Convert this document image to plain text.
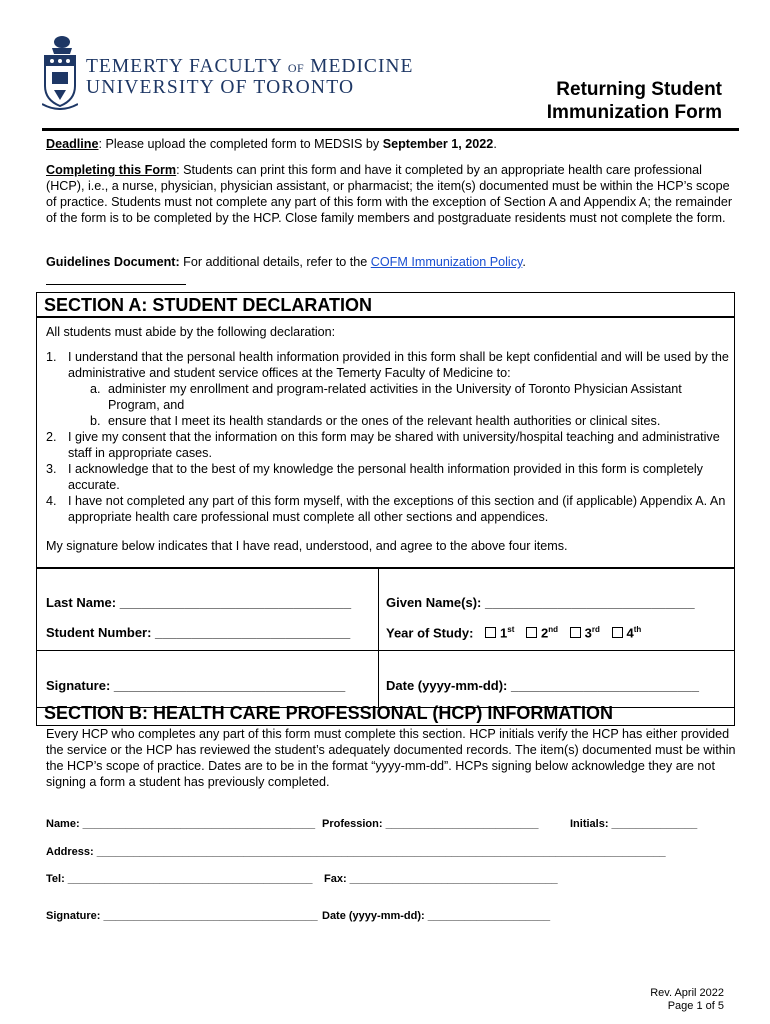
TEMERTY FACULTY OF MEDICINE
UNIVERSITY OF TORONTO	Returning Student
Immunization Form
Deadline: Please upload the completed form to MEDSIS by September 1, 2022.
Completing this Form: Students can print this form and have it completed by an appropriate health care professional (HCP), i.e., a nurse, physician, physician assistant, or pharmacist; the item(s) documented must be within the HCP’s scope of practice. Students must not complete any part of this form with the exception of Section A and Appendix A; the remainder of the form is to be completed by the HCP. Close family members and postgraduate residents must not complete the form.
Guidelines Document: For additional details, refer to the COFM Immunization Policy.
SECTION A: STUDENT DECLARATION
All students must abide by the following declaration:
1. I understand that the personal health information provided in this form shall be kept confidential and will be used by the administrative and student service offices at the Temerty Faculty of Medicine to:
a. administer my enrollment and program-related activities in the University of Toronto Physician Assistant Program, and
b. ensure that I meet its health standards or the ones of the relevant health authorities or clinical sites.
2. I give my consent that the information on this form may be shared with university/hospital teaching and administrative staff in appropriate cases.
3. I acknowledge that to the best of my knowledge the personal health information provided in this form is completely accurate.
4. I have not completed any part of this form myself, with the exceptions of this section and (if applicable) Appendix A. An appropriate health care professional must complete all other sections and appendices.
My signature below indicates that I have read, understood, and agree to the above four items.
Last Name: ________________________________	Given Name(s): _____________________________
Student Number: ___________________________	Year of Study: 1st 2nd 3rd 4th
Signature: ________________________________	Date (yyyy-mm-dd): __________________________
SECTION B: HEALTH CARE PROFESSIONAL (HCP) INFORMATION
Every HCP who completes any part of this form must complete this section. HCP initials verify the HCP has either provided the service or the HCP has reviewed the student’s adequately documented records. The item(s) documented must be within the HCP’s scope of practice. Dates are to be in the format “yyyy-mm-dd”. HCPs signing below acknowledge they are not signing a form a student has previously completed.
Name: ______________________________________ Profession: _________________________	Initials: ______________
Address: _____________________________________________________________________________________________
Tel: ________________________________________ Fax: __________________________________
Signature: ___________________________________ Date (yyyy-mm-dd): ____________________
Rev. April 2022
Page 1 of 5
